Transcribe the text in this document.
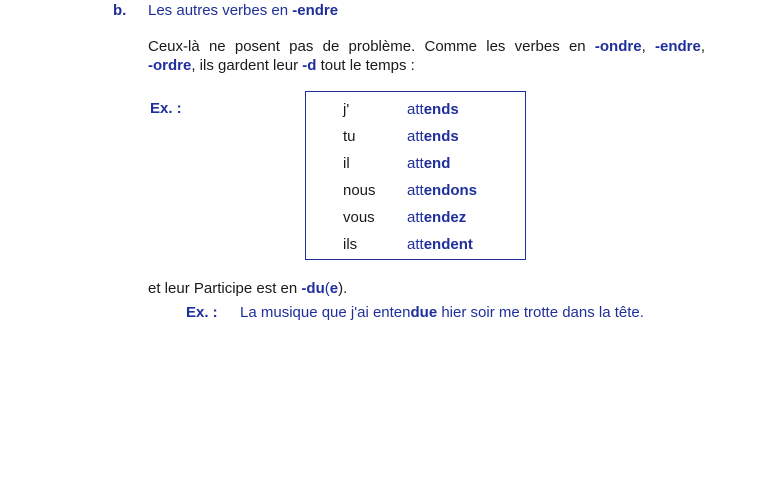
b. Les autres verbes en -endre
Ceux-là ne posent pas de problème. Comme les verbes en -ondre, -endre,
-ordre, ils gardent leur -d tout le temps :
Ex. :	j'	attends
tu	attends
il	attend
nous attendons
vous attendez
ils	attendent
et leur Participe est en -du(e).
Ex. : La musique que j'ai entendue hier soir me trotte dans la tête.
